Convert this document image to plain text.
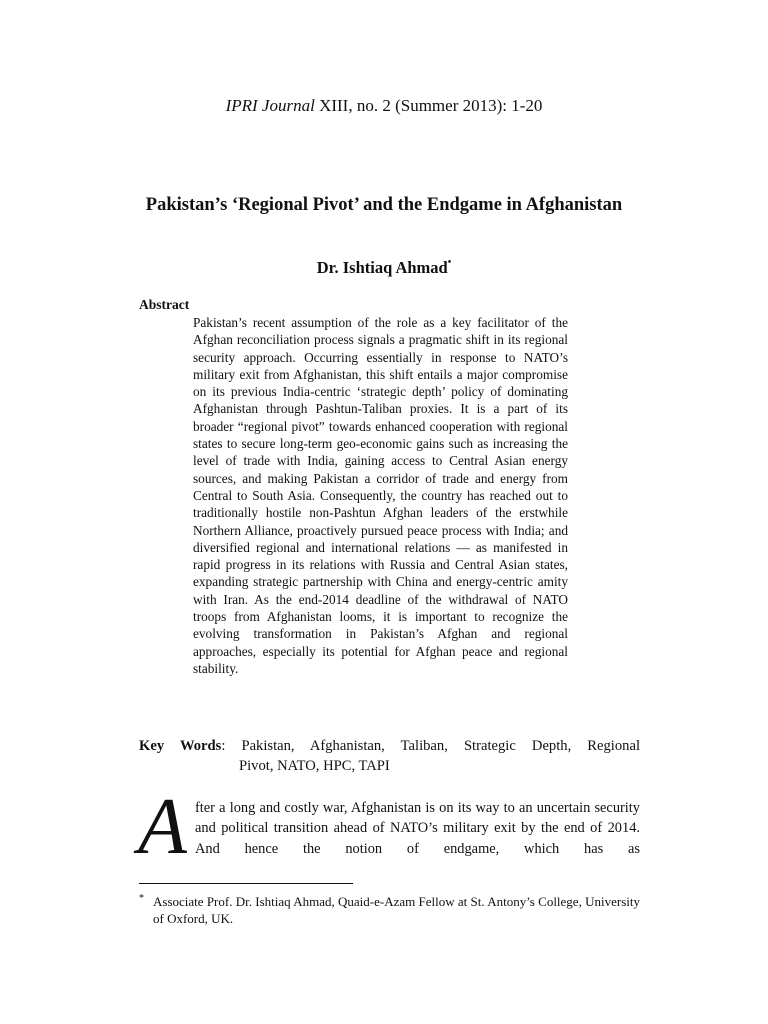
IPRI Journal XIII, no. 2 (Summer 2013): 1-20
Pakistan’s ‘Regional Pivot’ and the Endgame in Afghanistan
Dr. Ishtiaq Ahmad•
Abstract
Pakistan’s recent assumption of the role as a key facilitator of the Afghan reconciliation process signals a pragmatic shift in its regional security approach. Occurring essentially in response to NATO’s military exit from Afghanistan, this shift entails a major compromise on its previous India-centric ‘strategic depth’ policy of dominating Afghanistan through Pashtun-Taliban proxies. It is a part of its broader “regional pivot” towards enhanced cooperation with regional states to secure long-term geo-economic gains such as increasing the level of trade with India, gaining access to Central Asian energy sources, and making Pakistan a corridor of trade and energy from Central to South Asia. Consequently, the country has reached out to traditionally hostile non-Pashtun Afghan leaders of the erstwhile Northern Alliance, proactively pursued peace process with India; and diversified regional and international relations — as manifested in rapid progress in its relations with Russia and Central Asian states, expanding strategic partnership with China and energy-centric amity with Iran. As the end-2014 deadline of the withdrawal of NATO troops from Afghanistan looms, it is important to recognize the evolving transformation in Pakistan’s Afghan and regional approaches, especially its potential for Afghan peace and regional stability.
Key Words: Pakistan, Afghanistan, Taliban, Strategic Depth, Regional
Pivot, NATO, HPC, TAPI
A fter a long and costly war, Afghanistan is on its way to an uncertain security and political transition ahead of NATO’s military exit by the end of 2014. And hence the notion of endgame, which has as
* Associate Prof. Dr. Ishtiaq Ahmad, Quaid-e-Azam Fellow at St. Antony’s College, University of Oxford, UK.
